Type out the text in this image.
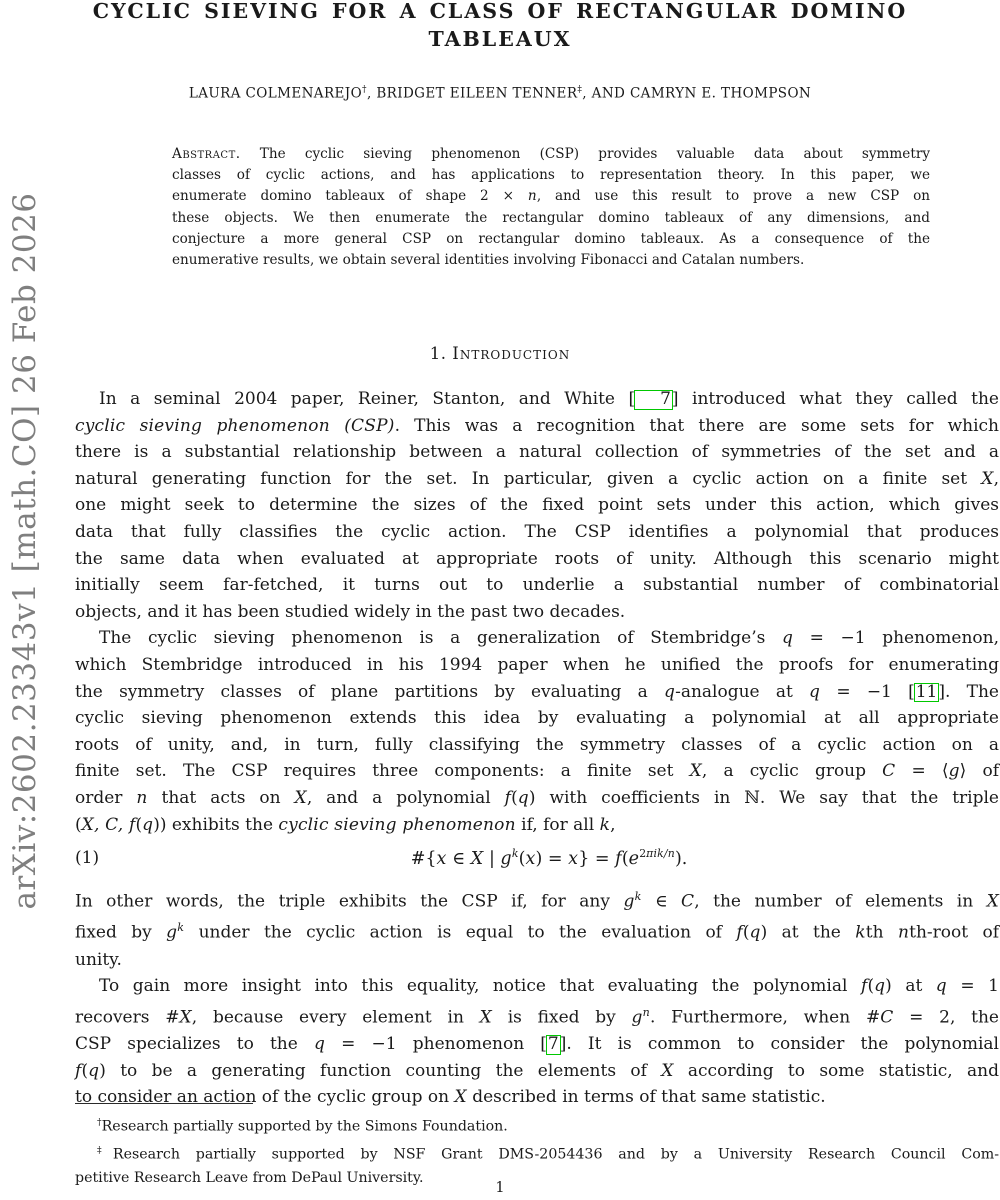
arXiv:2602.23343v1 [math.CO] 26 Feb 2026
CYCLIC SIEVING FOR A CLASS OF RECTANGULAR DOMINO
TABLEAUX
LAURA COLMENAREJO†, BRIDGET EILEEN TENNER‡, AND CAMRYN E. THOMPSON
Abstract. The cyclic sieving phenomenon (CSP) provides valuable data about symmetry
classes of cyclic actions, and has applications to representation theory. In this paper, we
enumerate domino tableaux of shape 2 × n, and use this result to prove a new CSP on
these objects. We then enumerate the rectangular domino tableaux of any dimensions, and
conjecture a more general CSP on rectangular domino tableaux. As a consequence of the
enumerative results, we obtain several identities involving Fibonacci and Catalan numbers.
1. Introduction
In a seminal 2004 paper, Reiner, Stanton, and White [ 7] introduced what they called the
cyclic sieving phenomenon (CSP). This was a recognition that there are some sets for which
there is a substantial relationship between a natural collection of symmetries of the set and a
natural generating function for the set. In particular, given a cyclic action on a finite set X,
one might seek to determine the sizes of the fixed point sets under this action, which gives
data that fully classifies the cyclic action. The CSP identifies a polynomial that produces
the same data when evaluated at appropriate roots of unity. Although this scenario might
initially seem far-fetched, it turns out to underlie a substantial number of combinatorial
objects, and it has been studied widely in the past two decades.
The cyclic sieving phenomenon is a generalization of Stembridge’s q = −1 phenomenon,
which Stembridge introduced in his 1994 paper when he unified the proofs for enumerating
the symmetry classes of plane partitions by evaluating a q-analogue at q = −1 [11]. The
cyclic sieving phenomenon extends this idea by evaluating a polynomial at all appropriate
roots of unity, and, in turn, fully classifying the symmetry classes of a cyclic action on a
finite set. The CSP requires three components: a finite set X, a cyclic group C = ⟨g⟩ of
order n that acts on X, and a polynomial f(q) with coefficients in ℕ. We say that the triple
(X, C, f(q)) exhibits the cyclic sieving phenomenon if, for all k,
(1)	#{x ∈ X | $g^k(x) = x\} = f(e^{2\pi ik/n})$.
In other words, the triple exhibits the CSP if, for any $g^k$ ∈ C, the number of elements in X
fixed by $g^k$ under the cyclic action is equal to the evaluation of f(q) at the kth nth-root of
unity.
To gain more insight into this equality, notice that evaluating the polynomial f(q) at q = 1
recovers #X, because every element in X is fixed by $g^n$. Furthermore, when #C = 2, the
CSP specializes to the q = −1 phenomenon [7]. It is common to consider the polynomial
f(q) to be a generating function counting the elements of X according to some statistic, and
to consider an action of the cyclic group on X described in terms of that same statistic.
†Research partially supported by the Simons Foundation.
‡Research partially supported by NSF Grant DMS-2054436 and by a University Research Council Com-
petitive Research Leave from DePaul University.
1
